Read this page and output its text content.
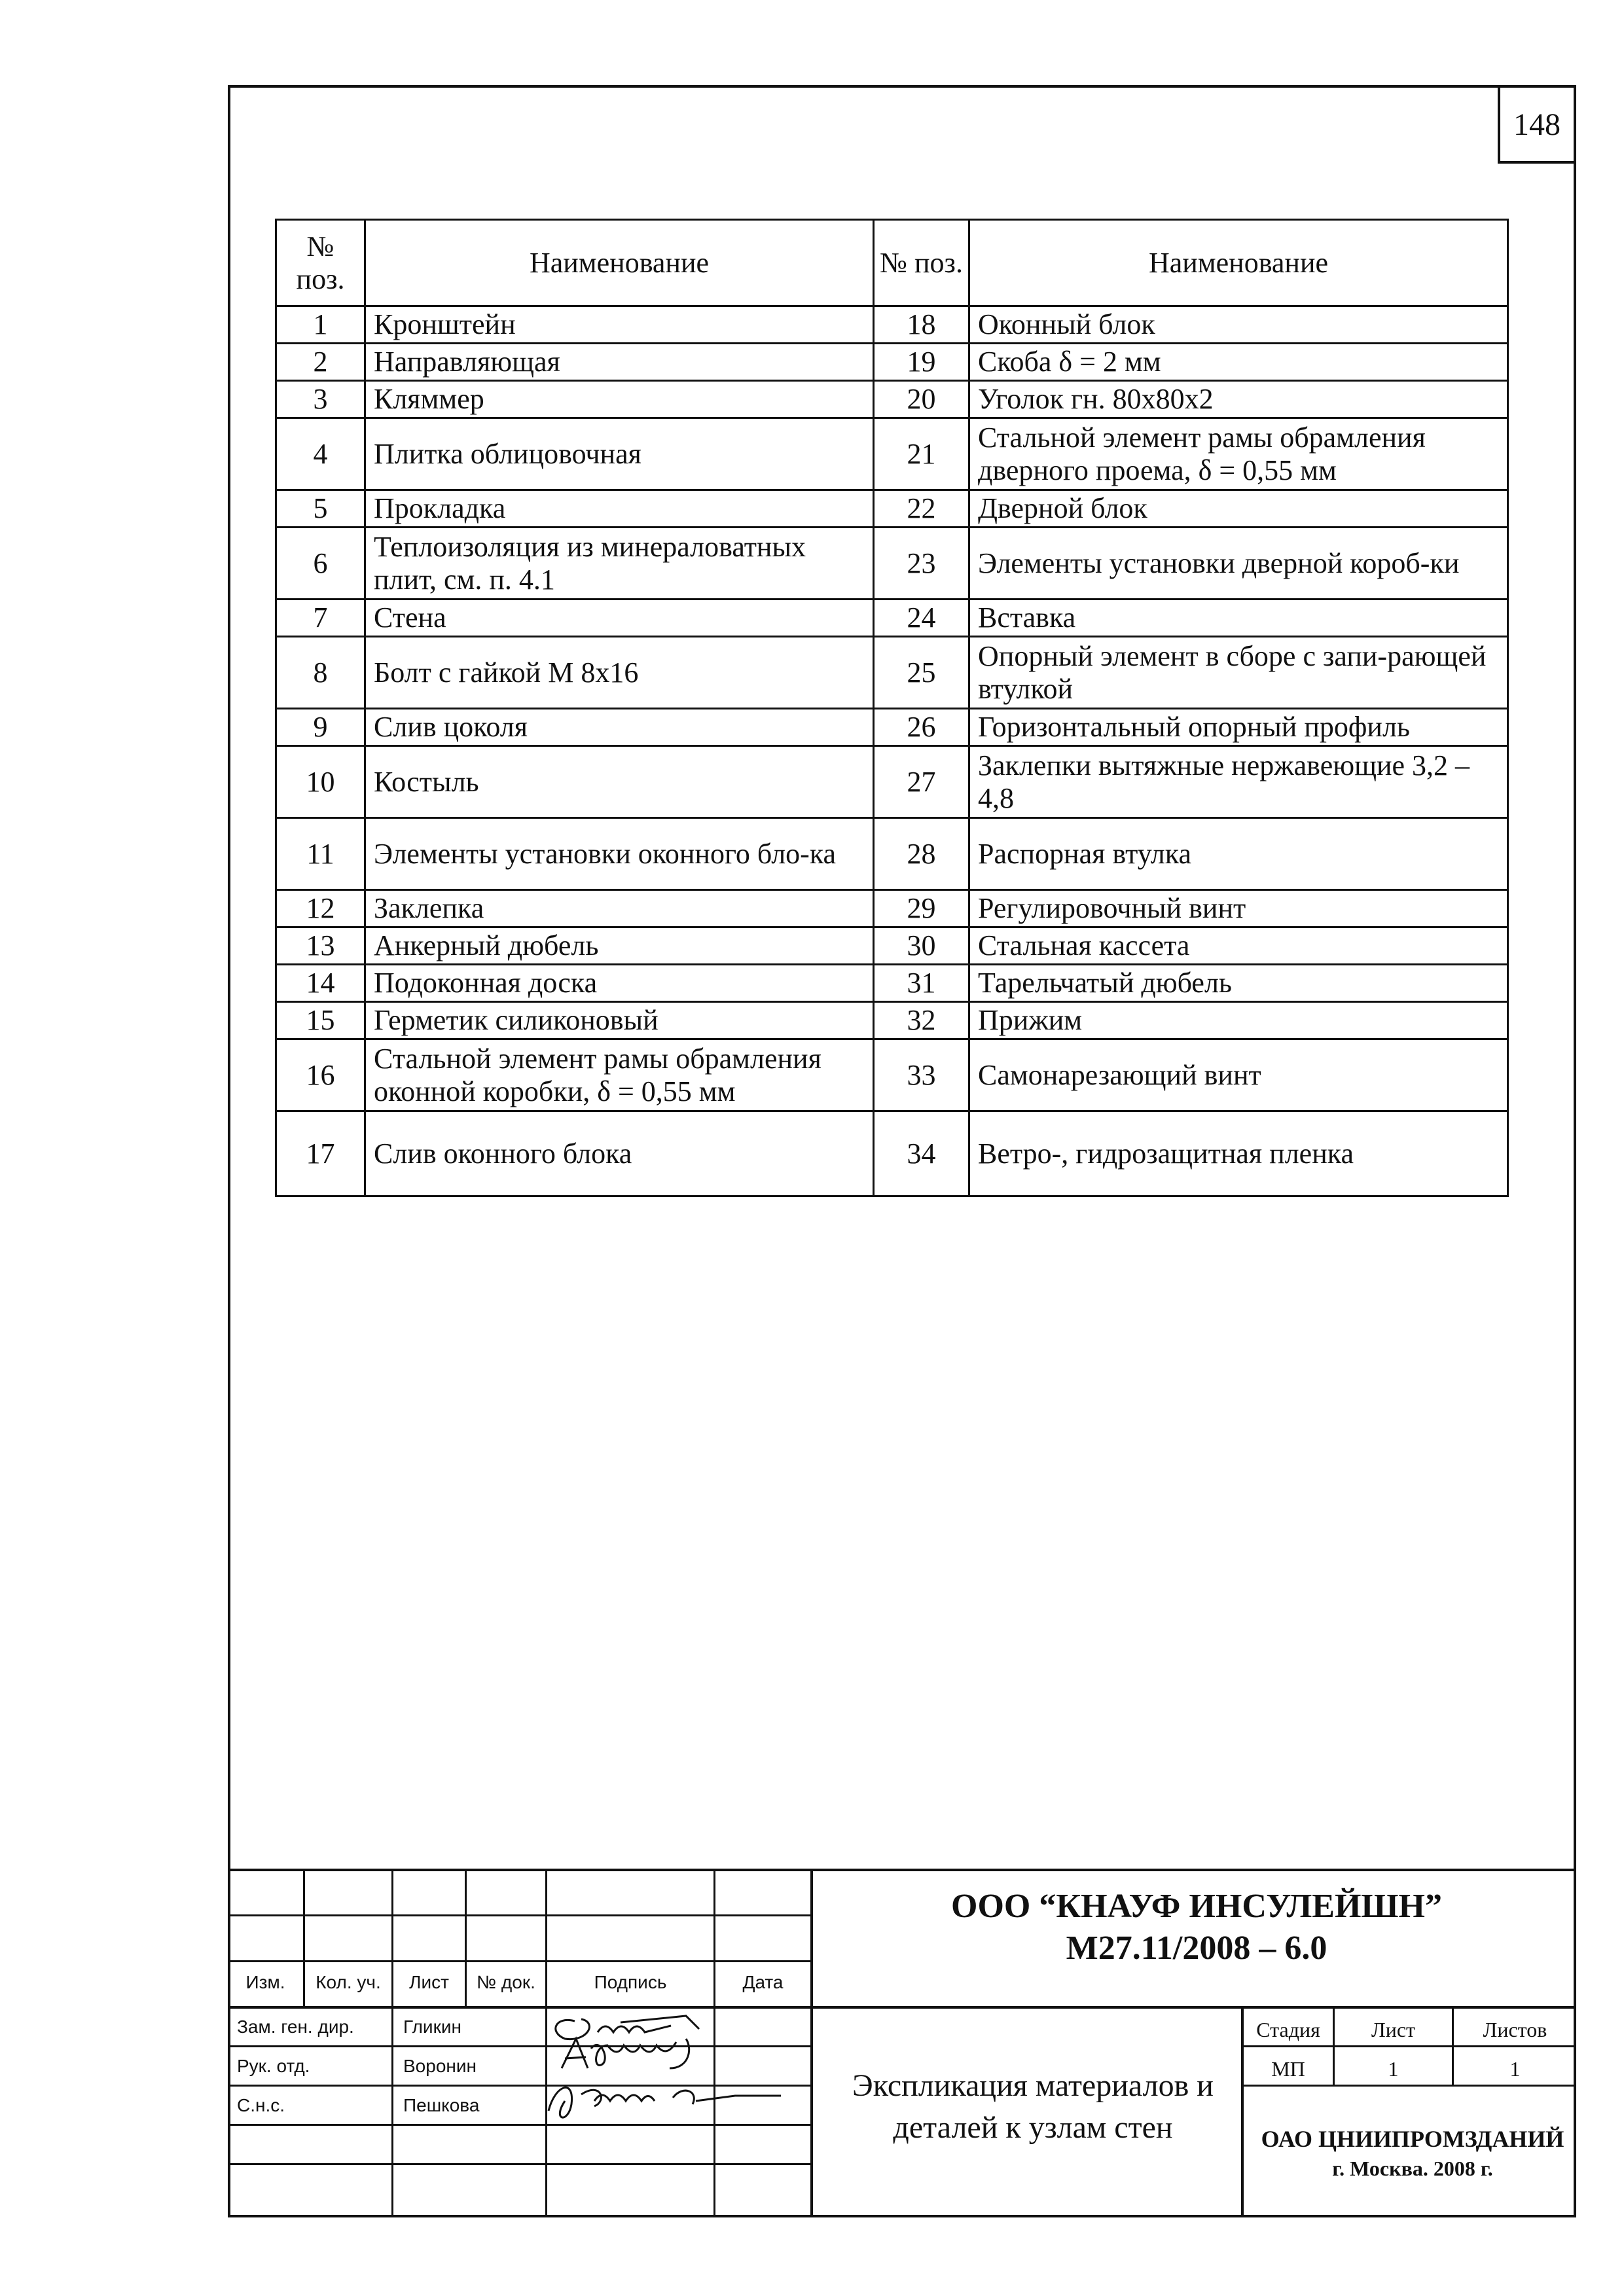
148
№ поз.	Наименование	№ поз.	Наименование
1	Кронштейн	18	Оконный блок
2	Направляющая	19	Скоба δ = 2 мм
3	Кляммер	20	Уголок гн. 80х80х2
4	Плитка облицовочная	21	Стальной элемент рамы обрамления дверного проема, δ = 0,55 мм
5	Прокладка	22	Дверной блок
6	Теплоизоляция из минераловатных плит, см. п. 4.1	23	Элементы установки дверной короб-ки
7	Стена	24	Вставка
8	Болт с гайкой М 8х16	25	Опорный элемент в сборе с запи-рающей втулкой
9	Слив цоколя	26	Горизонтальный опорный профиль
10	Костыль	27	Заклепки вытяжные нержавеющие 3,2 – 4,8
11	Элементы установки оконного бло-ка	28	Распорная втулка
12	Заклепка	29	Регулировочный винт
13	Анкерный дюбель	30	Стальная кассета
14	Подоконная доска	31	Тарельчатый дюбель
15	Герметик силиконовый	32	Прижим
16	Стальной элемент рамы обрамления оконной коробки, δ = 0,55 мм	33	Самонарезающий винт
17	Слив оконного блока	34	Ветро-, гидрозащитная пленка
Изм.	Кол. уч.	Лист	№ док.	Подпись	Дата
Зам. ген. дир.	Гликин
Рук. отд.	Воронин
С.н.с.	Пешкова
ООО “КНАУФ ИНСУЛЕЙШН”
М27.11/2008 – 6.0
Экспликация материалов и деталей к узлам стен
Стадия	Лист	Листов
МП	1	1
ОАО ЦНИИПРОМЗДАНИЙ
г. Москва. 2008 г.
